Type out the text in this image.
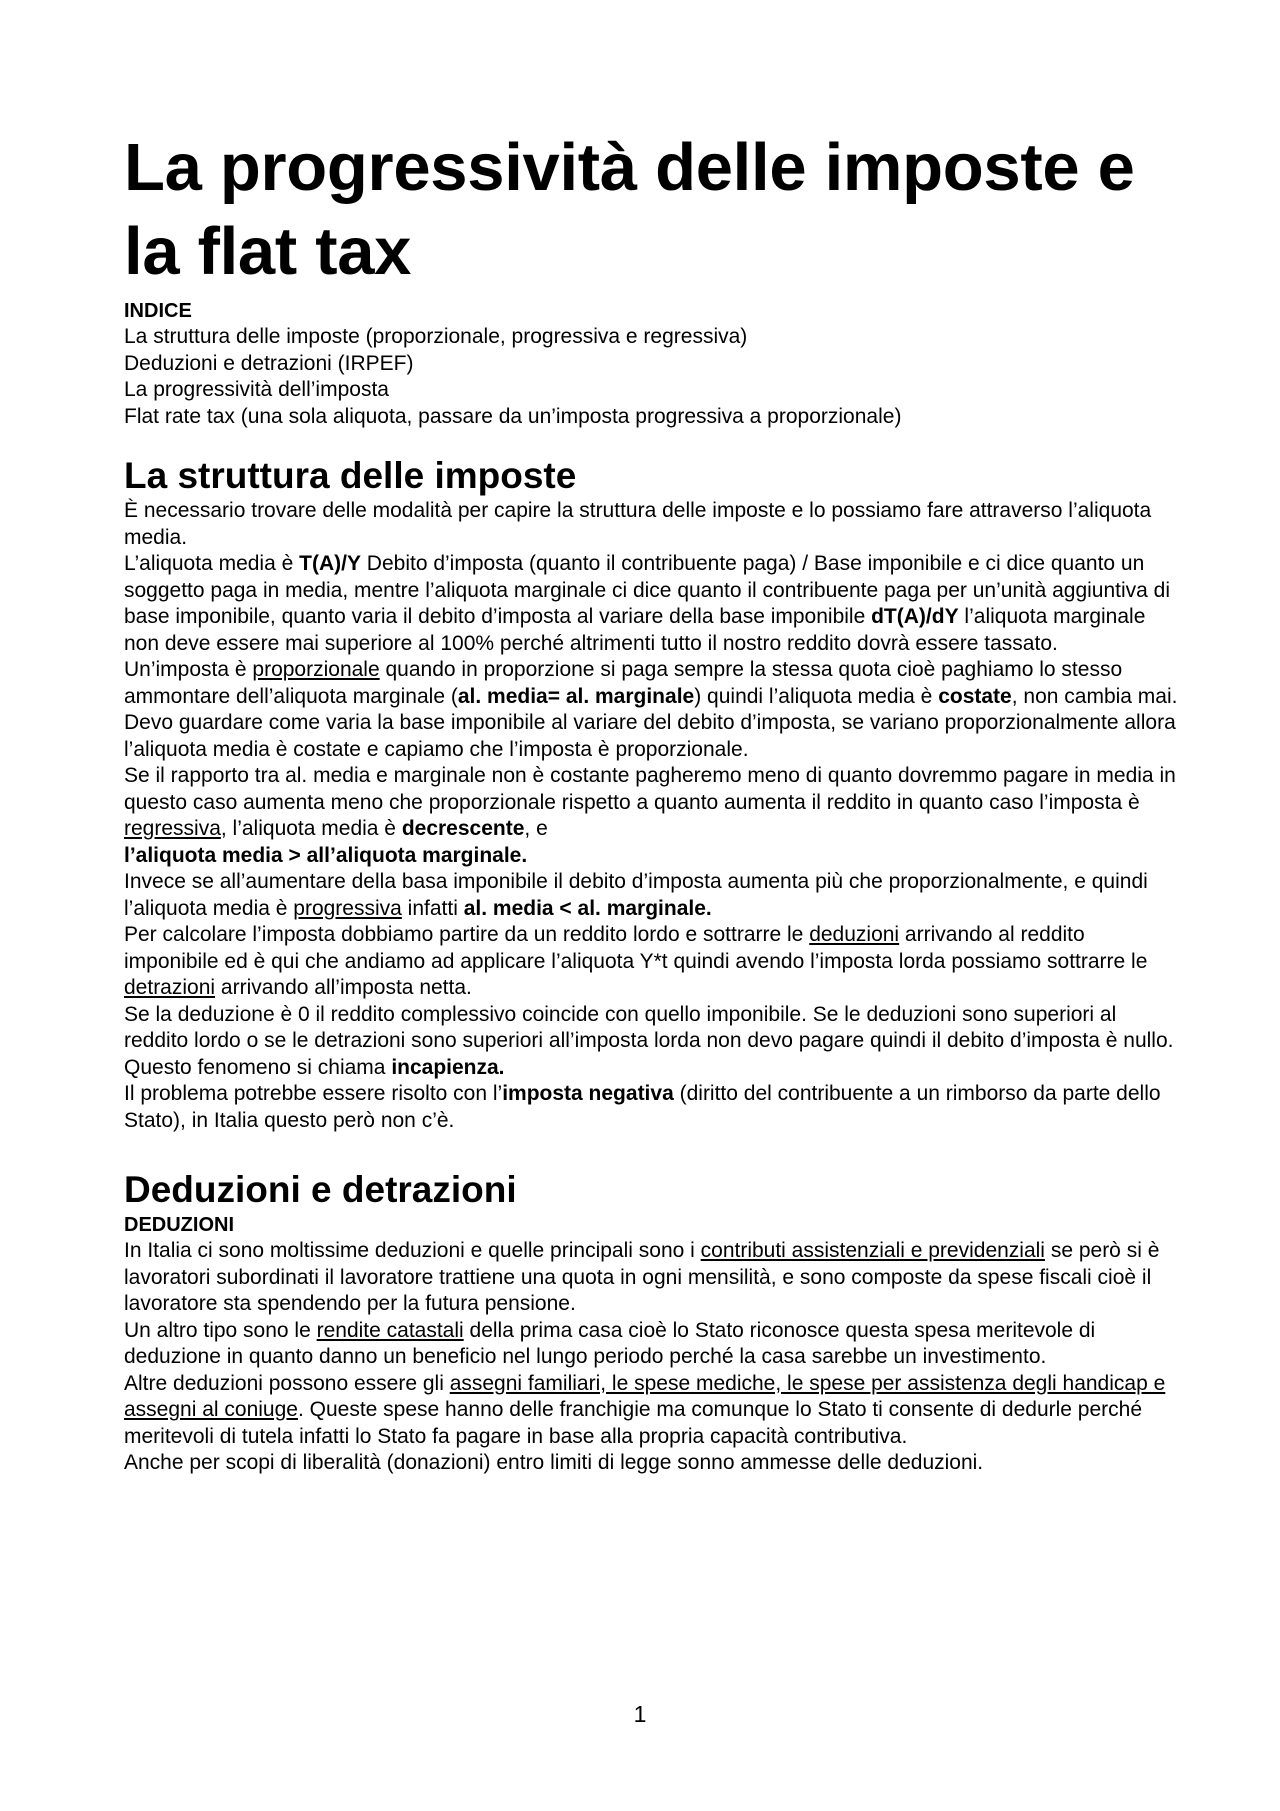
La progressività delle imposte e la flat tax
INDICE
La struttura delle imposte (proporzionale, progressiva e regressiva)
Deduzioni e detrazioni (IRPEF)
La progressività dell’imposta
Flat rate tax (una sola aliquota, passare da un’imposta progressiva a proporzionale)
La struttura delle imposte

È necessario trovare delle modalità per capire la struttura delle imposte e lo possiamo fare attraverso l’aliquota media.

L’aliquota media è T(A)/Y Debito d’imposta (quanto il contribuente paga) / Base imponibile e ci dice quanto un soggetto paga in media, mentre l’aliquota marginale ci dice quanto il contribuente paga per un’unità aggiuntiva di base imponibile, quanto varia il debito d’imposta al variare della base imponibile dT(A)/dY l’aliquota marginale non deve essere mai superiore al 100% perché altrimenti tutto il nostro reddito dovrà essere tassato.

Un’imposta è proporzionale quando in proporzione si paga sempre la stessa quota cioè paghiamo lo stesso ammontare dell’aliquota marginale (al. media= al. marginale) quindi l’aliquota media è costate, non cambia mai.

Devo guardare come varia la base imponibile al variare del debito d’imposta, se variano proporzionalmente allora l’aliquota media è costate e capiamo che l’imposta è proporzionale.

Se il rapporto tra al. media e marginale non è costante pagheremo meno di quanto dovremmo pagare in media in questo caso aumenta meno che proporzionale rispetto a quanto aumenta il reddito in quanto caso l’imposta è regressiva, l’aliquota media è decrescente, e
l’aliquota media > all’aliquota marginale.

Invece se all’aumentare della basa imponibile il debito d’imposta aumenta più che proporzionalmente, e quindi l’aliquota media è progressiva infatti al. media < al. marginale.

Per calcolare l’imposta dobbiamo partire da un reddito lordo e sottrarre le deduzioni arrivando al reddito imponibile ed è qui che andiamo ad applicare l’aliquota Y*t quindi avendo l’imposta lorda possiamo sottrarre le detrazioni arrivando all’imposta netta.

Se la deduzione è 0 il reddito complessivo coincide con quello imponibile. Se le deduzioni sono superiori al reddito lordo o se le detrazioni sono superiori all’imposta lorda non devo pagare quindi il debito d’imposta è nullo.

Questo fenomeno si chiama incapienza.

Il problema potrebbe essere risolto con l’imposta negativa (diritto del contribuente a un rimborso da parte dello Stato), in Italia questo però non c’è.

Deduzioni e detrazioni
DEDUZIONI

In Italia ci sono moltissime deduzioni e quelle principali sono i contributi assistenziali e previdenziali se però si è lavoratori subordinati il lavoratore trattiene una quota in ogni mensilità, e sono composte da spese fiscali cioè il lavoratore sta spendendo per la futura pensione.

Un altro tipo sono le rendite catastali della prima casa cioè lo Stato riconosce questa spesa meritevole di deduzione in quanto danno un beneficio nel lungo periodo perché la casa sarebbe un investimento.

Altre deduzioni possono essere gli assegni familiari, le spese mediche, le spese per assistenza degli handicap e assegni al coniuge. Queste spese hanno delle franchigie ma comunque lo Stato ti consente di dedurle perché meritevoli di tutela infatti lo Stato fa pagare in base alla propria capacità contributiva.

Anche per scopi di liberalità (donazioni) entro limiti di legge sonno ammesse delle deduzioni.

1
